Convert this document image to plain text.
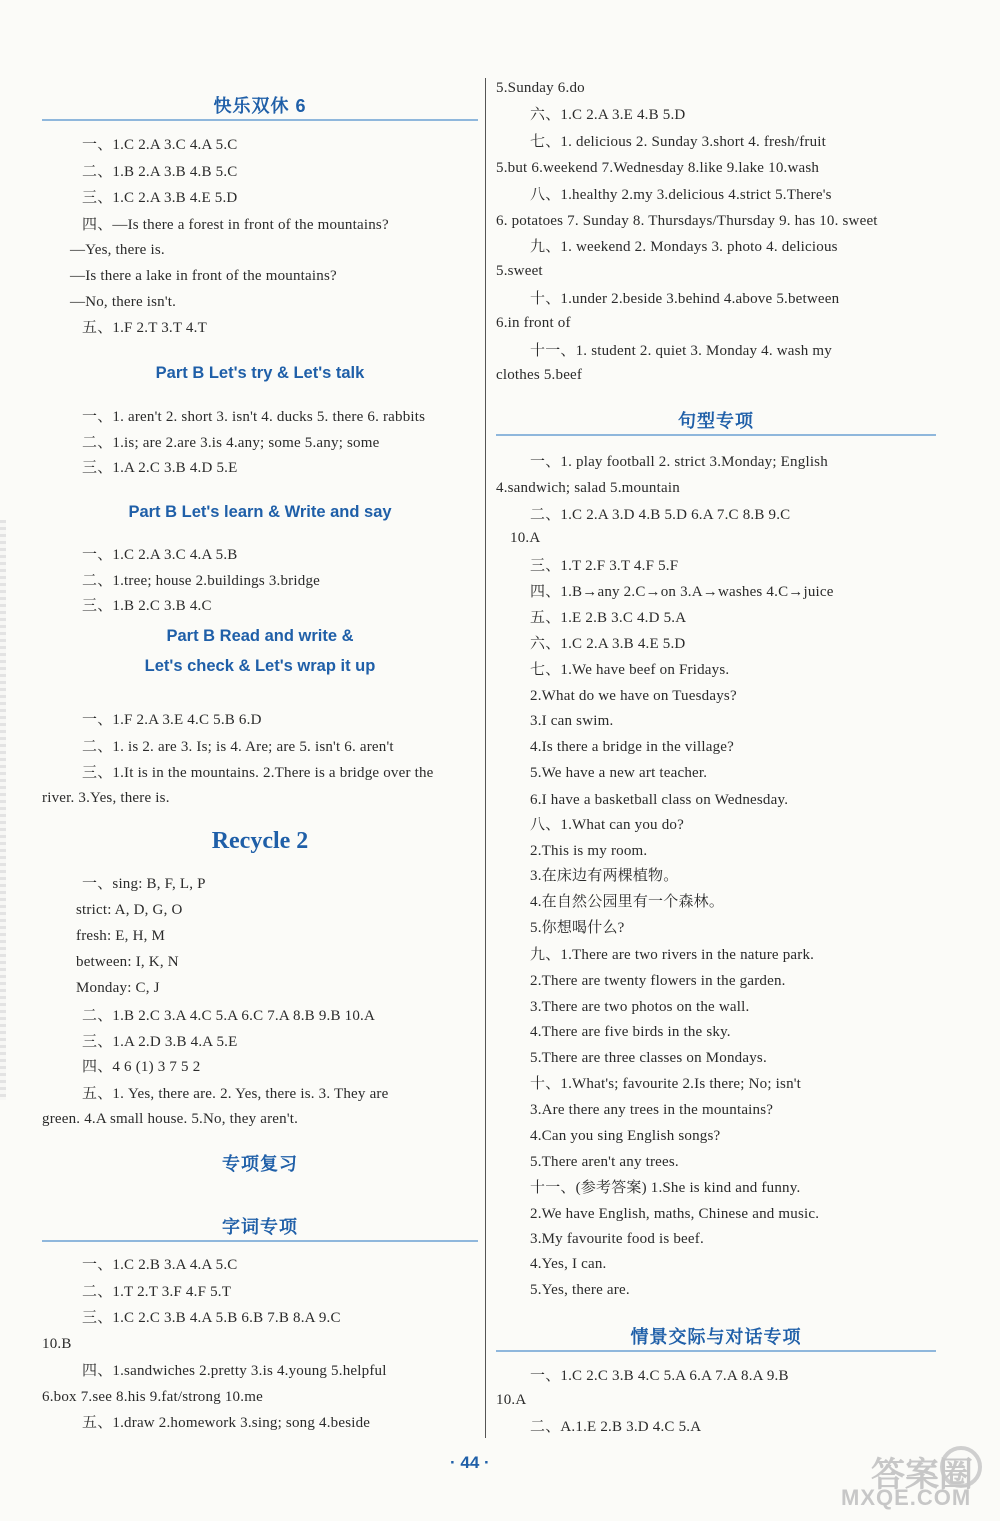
快乐双休 6
一、1.C 2.A 3.C 4.A 5.C
二、1.B 2.A 3.B 4.B 5.C
三、1.C 2.A 3.B 4.E 5.D
四、—Is there a forest in front of the mountains?
—Yes, there is.
—Is there a lake in front of the mountains?
—No, there isn't.
五、1.F 2.T 3.T 4.T
Part B Let's try & Let's talk
一、1. aren't 2. short 3. isn't 4. ducks 5. there 6. rabbits
二、1.is; are 2.are 3.is 4.any; some 5.any; some
三、1.A 2.C 3.B 4.D 5.E
Part B Let's learn & Write and say
一、1.C 2.A 3.C 4.A 5.B
二、1.tree; house 2.buildings 3.bridge
三、1.B 2.C 3.B 4.C
Part B Read and write &
Let's check & Let's wrap it up
一、1.F 2.A 3.E 4.C 5.B 6.D
二、1. is 2. are 3. Is; is 4. Are; are 5. isn't 6. aren't
三、1.It is in the mountains. 2.There is a bridge over the
river. 3.Yes, there is.
Recycle 2
一、sing: B, F, L, P
strict: A, D, G, O
fresh: E, H, M
between: I, K, N
Monday: C, J
二、1.B 2.C 3.A 4.C 5.A 6.C 7.A 8.B 9.B 10.A
三、1.A 2.D 3.B 4.A 5.E
四、4 6 (1) 3 7 5 2
五、1. Yes, there are. 2. Yes, there is. 3. They are
green. 4.A small house. 5.No, they aren't.
专项复习
字词专项
一、1.C 2.B 3.A 4.A 5.C
二、1.T 2.T 3.F 4.F 5.T
三、1.C 2.C 3.B 4.A 5.B 6.B 7.B 8.A 9.C
10.B
四、1.sandwiches 2.pretty 3.is 4.young 5.helpful
6.box 7.see 8.his 9.fat/strong 10.me
五、1.draw 2.homework 3.sing; song 4.beside
5.Sunday 6.do
六、1.C 2.A 3.E 4.B 5.D
七、1. delicious 2. Sunday 3.short 4. fresh/fruit
5.but 6.weekend 7.Wednesday 8.like 9.lake 10.wash
八、1.healthy 2.my 3.delicious 4.strict 5.There's
6. potatoes 7. Sunday 8. Thursdays/Thursday 9. has 10. sweet
九、1. weekend 2. Mondays 3. photo 4. delicious
5.sweet
十、1.under 2.beside 3.behind 4.above 5.between
6.in front of
十一、1. student 2. quiet 3. Monday 4. wash my
clothes 5.beef
句型专项
一、1. play football 2. strict 3.Monday; English
4.sandwich; salad 5.mountain
二、1.C 2.A 3.D 4.B 5.D 6.A 7.C 8.B 9.C
10.A
三、1.T 2.F 3.T 4.F 5.F
四、1.B→any 2.C→on 3.A→washes 4.C→juice
五、1.E 2.B 3.C 4.D 5.A
六、1.C 2.A 3.B 4.E 5.D
七、1.We have beef on Fridays.
2.What do we have on Tuesdays?
3.I can swim.
4.Is there a bridge in the village?
5.We have a new art teacher.
6.I have a basketball class on Wednesday.
八、1.What can you do?
2.This is my room.
3.在床边有两棵植物。
4.在自然公园里有一个森林。
5.你想喝什么?
九、1.There are two rivers in the nature park.
2.There are twenty flowers in the garden.
3.There are two photos on the wall.
4.There are five birds in the sky.
5.There are three classes on Mondays.
十、1.What's; favourite 2.Is there; No; isn't
3.Are there any trees in the mountains?
4.Can you sing English songs?
5.There aren't any trees.
十一、(参考答案) 1.She is kind and funny.
2.We have English, maths, Chinese and music.
3.My favourite food is beef.
4.Yes, I can.
5.Yes, there are.
情景交际与对话专项
一、1.C 2.C 3.B 4.C 5.A 6.A 7.A 8.A 9.B
10.A
二、A.1.E 2.B 3.D 4.C 5.A
· 44 ·	答案圈
MXQE.COM
